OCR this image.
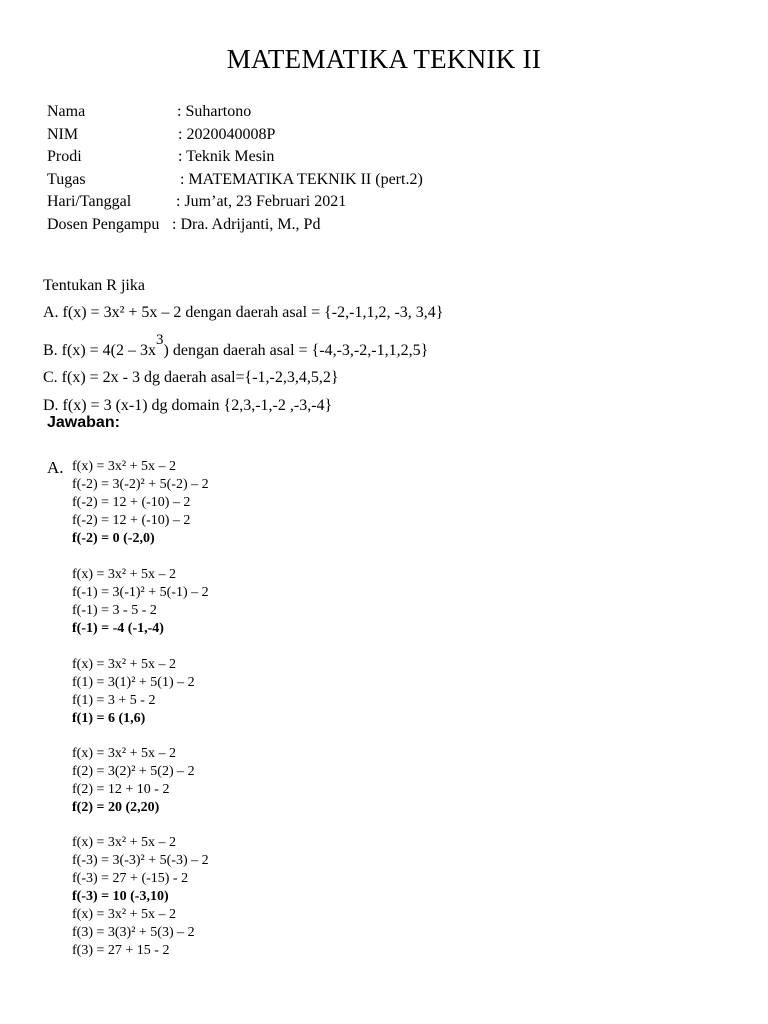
MATEMATIKA TEKNIK II
Nama	: Suhartono
NIM	: 2020040008P
Prodi	: Teknik Mesin
Tugas	: MATEMATIKA TEKNIK II (pert.2)
Hari/Tanggal	: Jum’at, 23 Februari 2021
Dosen Pengampu : Dra. Adrijanti, M., Pd
Tentukan R jika
A. f(x) = 3x² + 5x – 2 dengan daerah asal = {-2,-1,1,2, -3, 3,4}
B. f(x) = 4(2 – 3x3) dengan daerah asal = {-4,-3,-2,-1,1,2,5}
C. f(x) = 2x - 3 dg daerah asal={-1,-2,3,4,5,2}
D. f(x) = 3 (x-1) dg domain {2,3,-1,-2 ,-3,-4}
Jawaban:
A. f(x) = 3x² + 5x – 2
f(-2) = 3(-2)² + 5(-2) – 2
f(-2) = 12 + (-10) – 2
f(-2) = 12 + (-10) – 2
f(-2) = 0 (-2,0)
f(x) = 3x² + 5x – 2
f(-1) = 3(-1)² + 5(-1) – 2
f(-1) = 3 - 5 - 2
f(-1) = -4 (-1,-4)
f(x) = 3x² + 5x – 2
f(1) = 3(1)² + 5(1) – 2
f(1) = 3 + 5 - 2
f(1) = 6 (1,6)
f(x) = 3x² + 5x – 2
f(2) = 3(2)² + 5(2) – 2
f(2) = 12 + 10 - 2
f(2) = 20 (2,20)
f(x) = 3x² + 5x – 2
f(-3) = 3(-3)² + 5(-3) – 2
f(-3) = 27 + (-15) - 2
f(-3) = 10 (-3,10)
f(x) = 3x² + 5x – 2
f(3) = 3(3)² + 5(3) – 2
f(3) = 27 + 15 - 2
